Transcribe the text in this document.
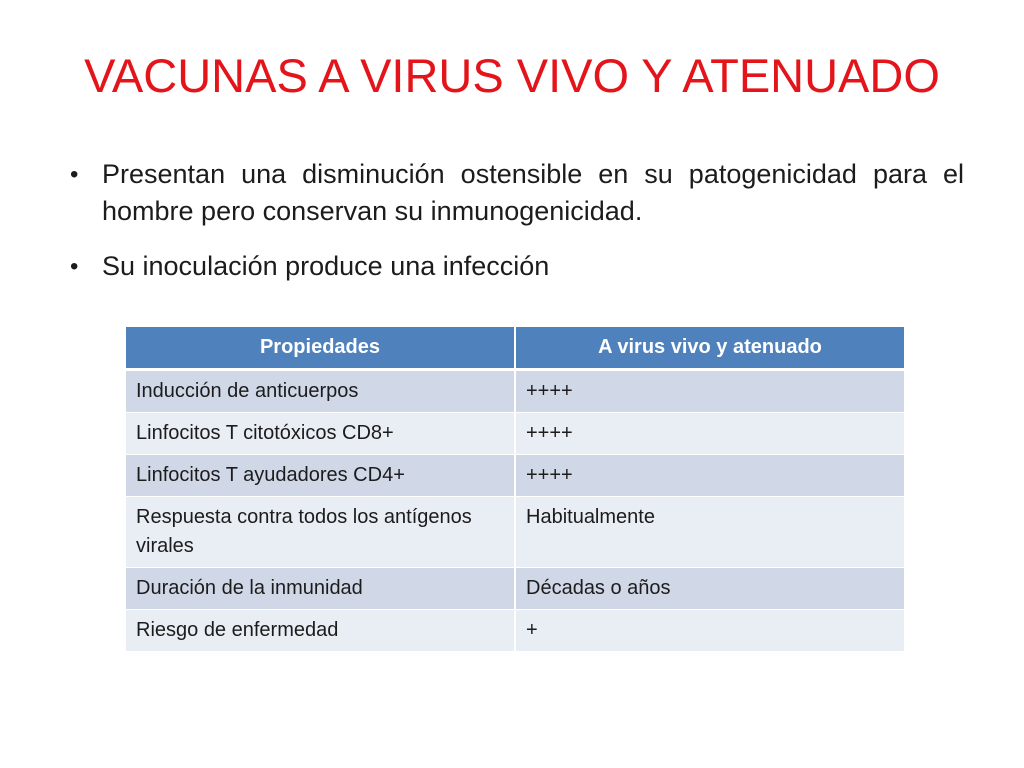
VACUNAS A VIRUS VIVO Y ATENUADO
• Presentan una disminución ostensible en su patogenicidad para el hombre pero conservan su inmunogenicidad.
• Su inoculación produce una infección
Propiedades	A virus vivo y atenuado
Inducción de anticuerpos	++++
Linfocitos T citotóxicos CD8+	++++
Linfocitos T ayudadores CD4+	++++
Respuesta contra todos los antígenos virales	Habitualmente
Duración de la inmunidad	Décadas o años
Riesgo de enfermedad	+
